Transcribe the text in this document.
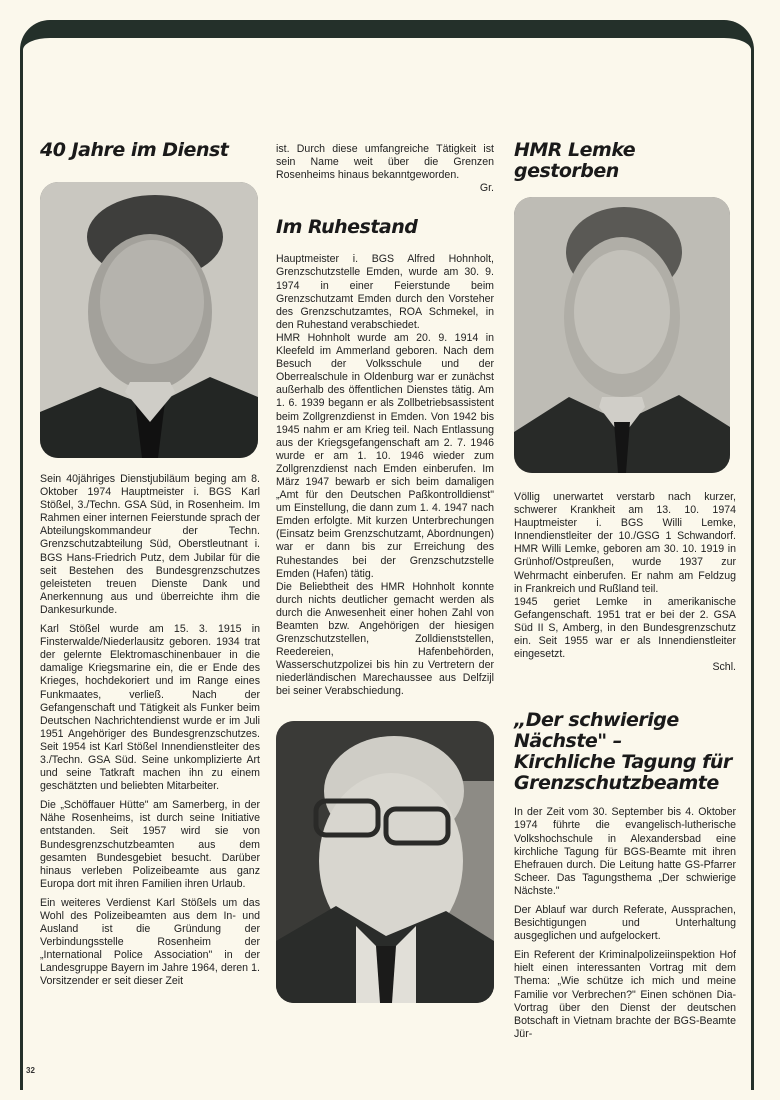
40 Jahre im Dienst

Sein 40jähriges Dienstjubiläum beging am 8. Oktober 1974 Hauptmeister i. BGS Karl Stößel, 3./Techn. GSA Süd, in Rosenheim. Im Rahmen einer internen Feierstunde sprach der Abteilungskommandeur der Techn. Grenzschutzabteilung Süd, Oberstleutnant i. BGS Hans-Friedrich Putz, dem Jubilar für die seit Bestehen des Bundesgrenzschutzes geleisteten treuen Dienste Dank und Anerkennung aus und überreichte ihm die Dankesurkunde.

Karl Stößel wurde am 15. 3. 1915 in Finsterwalde/Niederlausitz geboren. 1934 trat der gelernte Elektromaschinenbauer in die damalige Kriegsmarine ein, die er Ende des Krieges, hochdekoriert und im Range eines Funkmaates, verließ. Nach der Gefangenschaft und Tätigkeit als Funker beim Deutschen Nachrichtendienst wurde er im Juli 1951 Angehöriger des Bundesgrenzschutzes. Seit 1954 ist Karl Stößel Innendienstleiter des 3./Techn. GSA Süd. Seine unkomplizierte Art und seine Tatkraft machen ihn zu einem geschätzten und beliebten Mitarbeiter.

Die „Schöffauer Hütte" am Samerberg, in der Nähe Rosenheims, ist durch seine Initiative entstanden. Seit 1957 wird sie von Bundesgrenzschutzbeamten aus dem gesamten Bundesgebiet besucht. Darüber hinaus verleben Polizeibeamte aus ganz Europa dort mit ihren Familien ihren Urlaub.

Ein weiteres Verdienst Karl Stößels um das Wohl des Polizeibeamten aus dem In- und Ausland ist die Gründung der Verbindungsstelle Rosenheim der „International Police Association" in der Landesgruppe Bayern im Jahre 1964, deren 1. Vorsitzender er seit dieser Zeit

32

ist. Durch diese umfangreiche Tätigkeit ist sein Name weit über die Grenzen Rosenheims hinaus bekanntgeworden.

Gr.

Im Ruhestand

Hauptmeister i. BGS Alfred Hohnholt, Grenzschutzstelle Emden, wurde am 30. 9. 1974 in einer Feierstunde beim Grenzschutzamt Emden durch den Vorsteher des Grenzschutzamtes, ROA Schmekel, in den Ruhestand verabschiedet.

HMR Hohnholt wurde am 20. 9. 1914 in Kleefeld im Ammerland geboren. Nach dem Besuch der Volksschule und der Oberrealschule in Oldenburg war er zunächst außerhalb des öffentlichen Dienstes tätig. Am 1. 6. 1939 begann er als Zollbetriebsassistent beim Zollgrenzdienst in Emden. Von 1942 bis 1945 nahm er am Krieg teil. Nach Entlassung aus der Kriegsgefangenschaft am 2. 7. 1946 wurde er am 1. 10. 1946 wieder zum Zollgrenzdienst nach Emden einberufen. Im März 1947 bewarb er sich beim damaligen „Amt für den Deutschen Paßkontrolldienst" um Einstellung, die dann zum 1. 4. 1947 nach Emden erfolgte. Mit kurzen Unterbrechungen (Einsatz beim Grenzschutzamt, Abordnungen) war er dann bis zur Erreichung des Ruhestandes bei der Grenzschutzstelle Emden (Hafen) tätig.

Die Beliebtheit des HMR Hohnholt konnte durch nichts deutlicher gemacht werden als durch die Anwesenheit einer hohen Zahl von Beamten bzw. Angehörigen der hiesigen Grenzschutzstellen, Zolldienststellen, Reedereien, Hafenbehörden, Wasserschutzpolizei bis hin zu Vertretern der niederländischen Marechaussee aus Delfzijl bei seiner Verabschiedung.

HMR Lemke
gestorben

Völlig unerwartet verstarb nach kurzer, schwerer Krankheit am 13. 10. 1974 Hauptmeister i. BGS Willi Lemke, Innendienstleiter der 10./GSG 1 Schwandorf. HMR Willi Lemke, geboren am 30. 10. 1919 in Grünhof/Ostpreußen, wurde 1937 zur Wehrmacht einberufen. Er nahm am Feldzug in Frankreich und Rußland teil.

1945 geriet Lemke in amerikanische Gefangenschaft. 1951 trat er bei der 2. GSA Süd II S, Amberg, in den Bundesgrenzschutz ein. Seit 1955 war er als Innendienstleiter eingesetzt.

Schl.

„Der schwierige
Nächste" –
Kirchliche Tagung für
Grenzschutzbeamte

In der Zeit vom 30. September bis 4. Oktober 1974 führte die evangelisch-lutherische Volkshochschule in Alexandersbad eine kirchliche Tagung für BGS-Beamte mit ihren Ehefrauen durch. Die Leitung hatte GS-Pfarrer Scheer. Das Tagungsthema „Der schwierige Nächste."

Der Ablauf war durch Referate, Aussprachen, Besichtigungen und Unterhaltung ausgeglichen und aufgelockert.

Ein Referent der Kriminalpolizeiinspektion Hof hielt einen interessanten Vortrag mit dem Thema: „Wie schütze ich mich und meine Familie vor Verbrechen?" Einen schönen Dia-Vortrag über den Dienst der deutschen Botschaft in Vietnam brachte der BGS-Beamte Jür-
